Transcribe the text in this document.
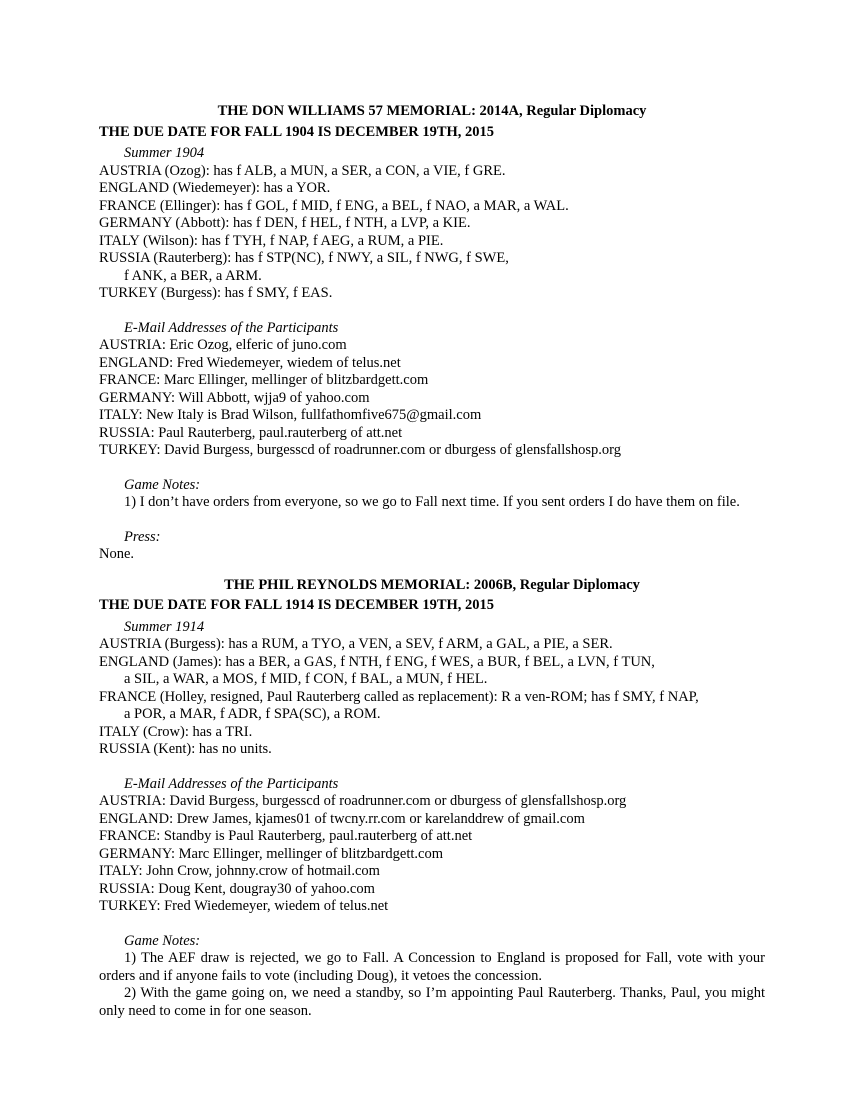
THE DON WILLIAMS 57 MEMORIAL: 2014A, Regular Diplomacy
THE DUE DATE FOR FALL 1904 IS DECEMBER 19TH, 2015
Summer 1904
AUSTRIA (Ozog): has f ALB, a MUN, a SER, a CON, a VIE, f GRE.
ENGLAND (Wiedemeyer): has a YOR.
FRANCE (Ellinger): has f GOL, f MID, f ENG, a BEL, f NAO, a MAR, a WAL.
GERMANY (Abbott): has f DEN, f HEL, f NTH, a LVP, a KIE.
ITALY (Wilson): has f TYH, f NAP, f AEG, a RUM, a PIE.
RUSSIA (Rauterberg): has f STP(NC), f NWY, a SIL, f NWG, f SWE,
f ANK, a BER, a ARM.
TURKEY (Burgess): has f SMY, f EAS.
E-Mail Addresses of the Participants
AUSTRIA: Eric Ozog, elferic of juno.com
ENGLAND: Fred Wiedemeyer, wiedem of telus.net
FRANCE: Marc Ellinger, mellinger of blitzbardgett.com
GERMANY: Will Abbott, wjja9 of yahoo.com
ITALY: New Italy is Brad Wilson, fullfathomfive675@gmail.com
RUSSIA: Paul Rauterberg, paul.rauterberg of att.net
TURKEY: David Burgess, burgesscd of roadrunner.com or dburgess of glensfallshosp.org
Game Notes:
1) I don’t have orders from everyone, so we go to Fall next time. If you sent orders I do have them on file.
Press:
None.
THE PHIL REYNOLDS MEMORIAL: 2006B, Regular Diplomacy
THE DUE DATE FOR FALL 1914 IS DECEMBER 19TH, 2015
Summer 1914
AUSTRIA (Burgess): has a RUM, a TYO, a VEN, a SEV, f ARM, a GAL, a PIE, a SER.
ENGLAND (James): has a BER, a GAS, f NTH, f ENG, f WES, a BUR, f BEL, a LVN, f TUN,
a SIL, a WAR, a MOS, f MID, f CON, f BAL, a MUN, f HEL.
FRANCE (Holley, resigned, Paul Rauterberg called as replacement): R a ven-ROM; has f SMY, f NAP,
a POR, a MAR, f ADR, f SPA(SC), a ROM.
ITALY (Crow): has a TRI.
RUSSIA (Kent): has no units.
E-Mail Addresses of the Participants
AUSTRIA: David Burgess, burgesscd of roadrunner.com or dburgess of glensfallshosp.org
ENGLAND: Drew James, kjames01 of twcny.rr.com or karelanddrew of gmail.com
FRANCE: Standby is Paul Rauterberg, paul.rauterberg of att.net
GERMANY: Marc Ellinger, mellinger of blitzbardgett.com
ITALY: John Crow, johnny.crow of hotmail.com
RUSSIA: Doug Kent, dougray30 of yahoo.com
TURKEY: Fred Wiedemeyer, wiedem of telus.net
Game Notes:
1) The AEF draw is rejected, we go to Fall. A Concession to England is proposed for Fall, vote with your orders and if anyone fails to vote (including Doug), it vetoes the concession.
2) With the game going on, we need a standby, so I’m appointing Paul Rauterberg. Thanks, Paul, you might only need to come in for one season.
